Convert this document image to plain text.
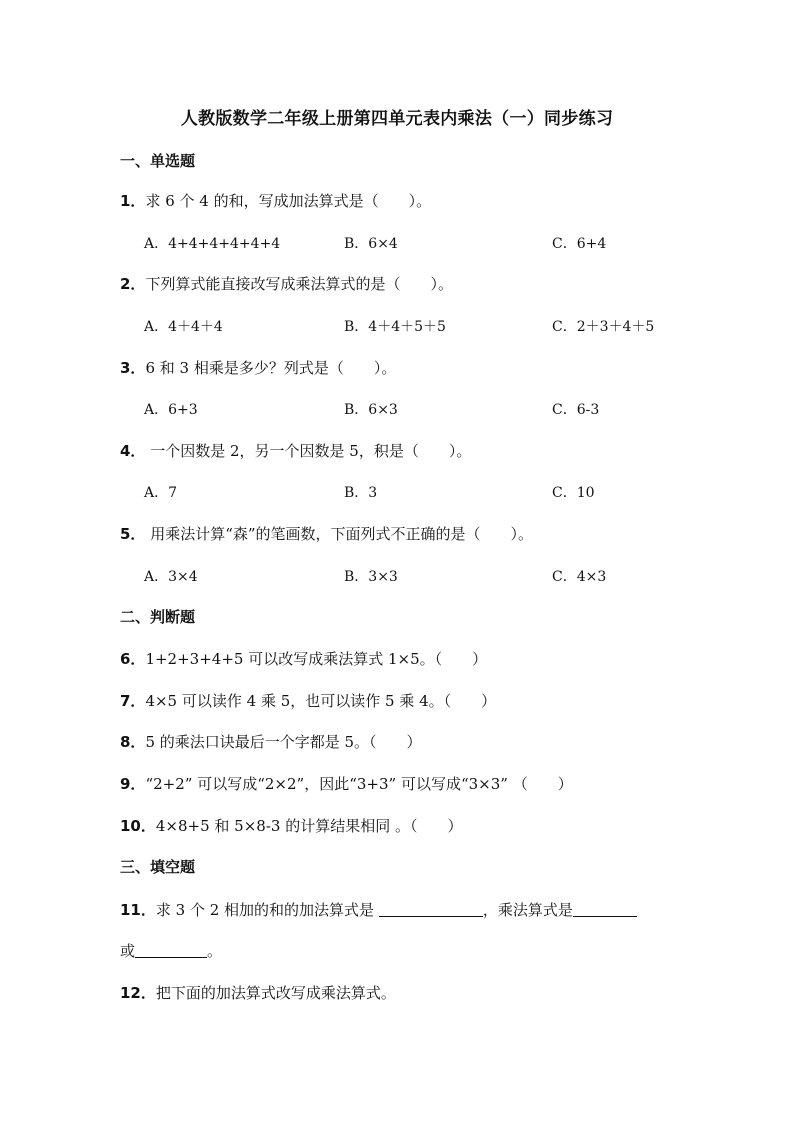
人教版数学二年级上册第四单元表内乘法（一）同步练习
一、单选题
1．求 6 个 4 的和，写成加法算式是（　　）。
A．4+4+4+4+4+4	B．6×4	C．6+4
2．下列算式能直接改写成乘法算式的是（　　）。
A．4＋4＋4	B．4＋4＋5＋5	C．2＋3＋4＋5
3．6 和 3 相乘是多少？列式是（　　）。
A．6+3	B．6×3	C．6-3
4． 一个因数是 2，另一个因数是 5，积是（　　）。
A．7	B．3	C．10
5． 用乘法计算“森”的笔画数，下面列式不正确的是（　　）。
A．3×4	B．3×3	C．4×3
二、判断题
6．1+2+3+4+5 可以改写成乘法算式 1×5。（　　）
7．4×5 可以读作 4 乘 5，也可以读作 5 乘 4。（　　）
8．5 的乘法口诀最后一个字都是 5。（　　）
9．“2+2” 可以写成“2×2”，因此“3+3” 可以写成“3×3” （　　）
10．4×8+5 和 5×8-3 的计算结果相同 。（　　）
三、填空题
11．求 3 个 2 相加的和的加法算式是	，乘法算式是
或	。
12．把下面的加法算式改写成乘法算式。
